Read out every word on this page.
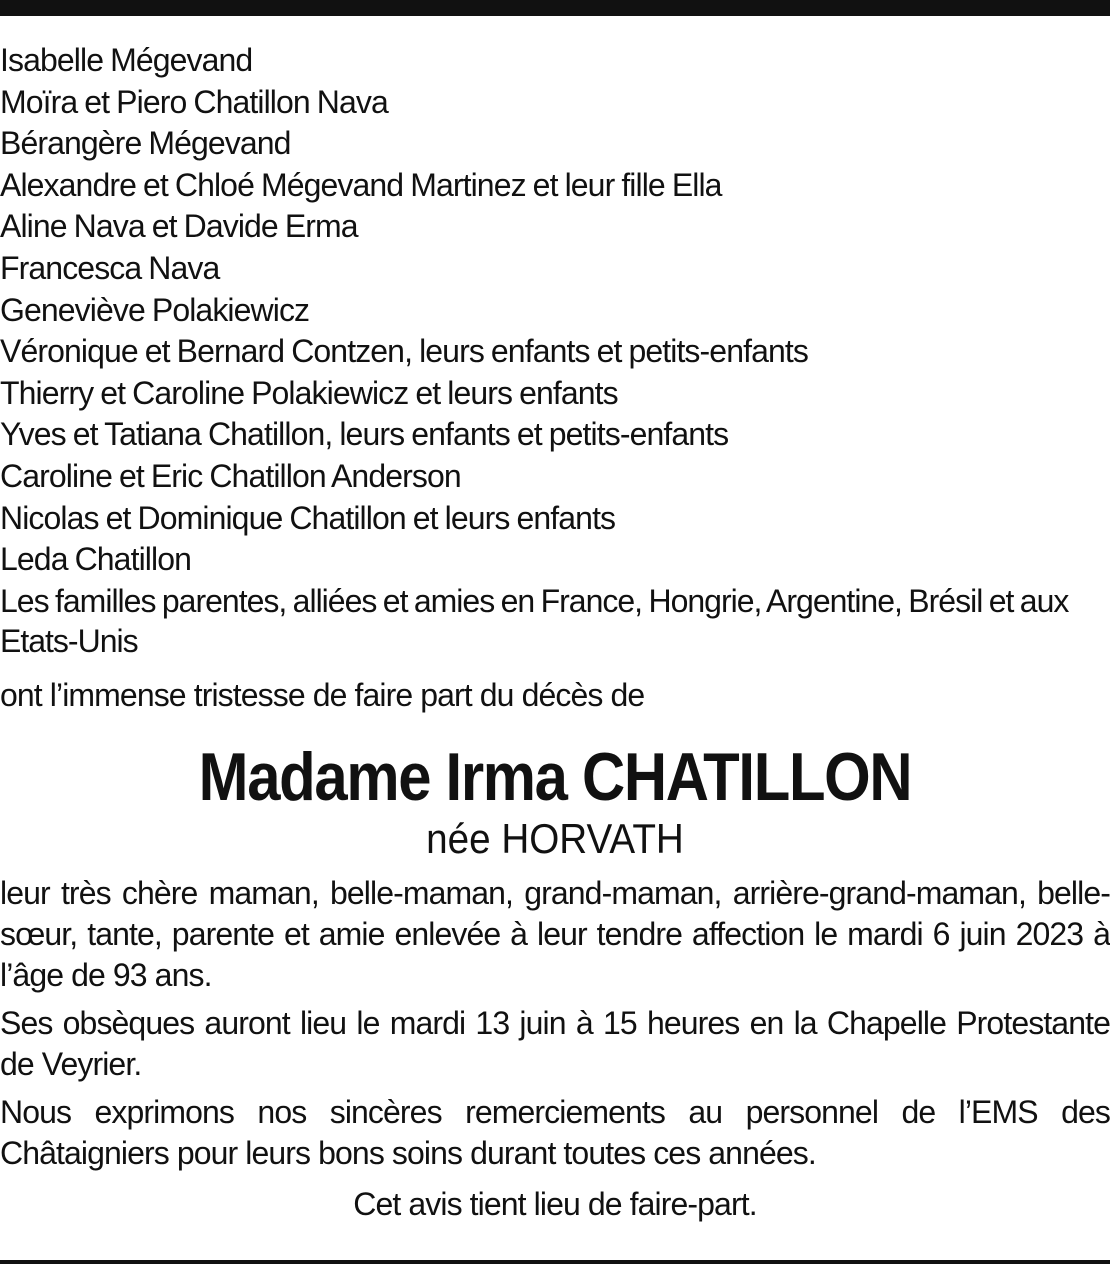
Isabelle Mégevand
Moïra et Piero Chatillon Nava
Bérangère Mégevand
Alexandre et Chloé Mégevand Martinez et leur fille Ella
Aline Nava et Davide Erma
Francesca Nava
Geneviève Polakiewicz
Véronique et Bernard Contzen, leurs enfants et petits-enfants
Thierry et Caroline Polakiewicz et leurs enfants
Yves et Tatiana Chatillon, leurs enfants et petits-enfants
Caroline et Eric Chatillon Anderson
Nicolas et Dominique Chatillon et leurs enfants
Leda Chatillon
Les familles parentes, alliées et amies en France, Hongrie, Argentine, Brésil et aux Etats-Unis
ont l’immense tristesse de faire part du décès de
Madame Irma CHATILLON
née HORVATH

leur très chère maman, belle-maman, grand-maman, arrière-grand-maman, belle-sœur, tante, parente et amie enlevée à leur tendre affection le mardi 6 juin 2023 à l’âge de 93 ans.

Ses obsèques auront lieu le mardi 13 juin à 15 heures en la Chapelle Protestante de Veyrier.

Nous exprimons nos sincères remerciements au personnel de l’EMS des Châtaigniers pour leurs bons soins durant toutes ces années.

Cet avis tient lieu de faire-part.
